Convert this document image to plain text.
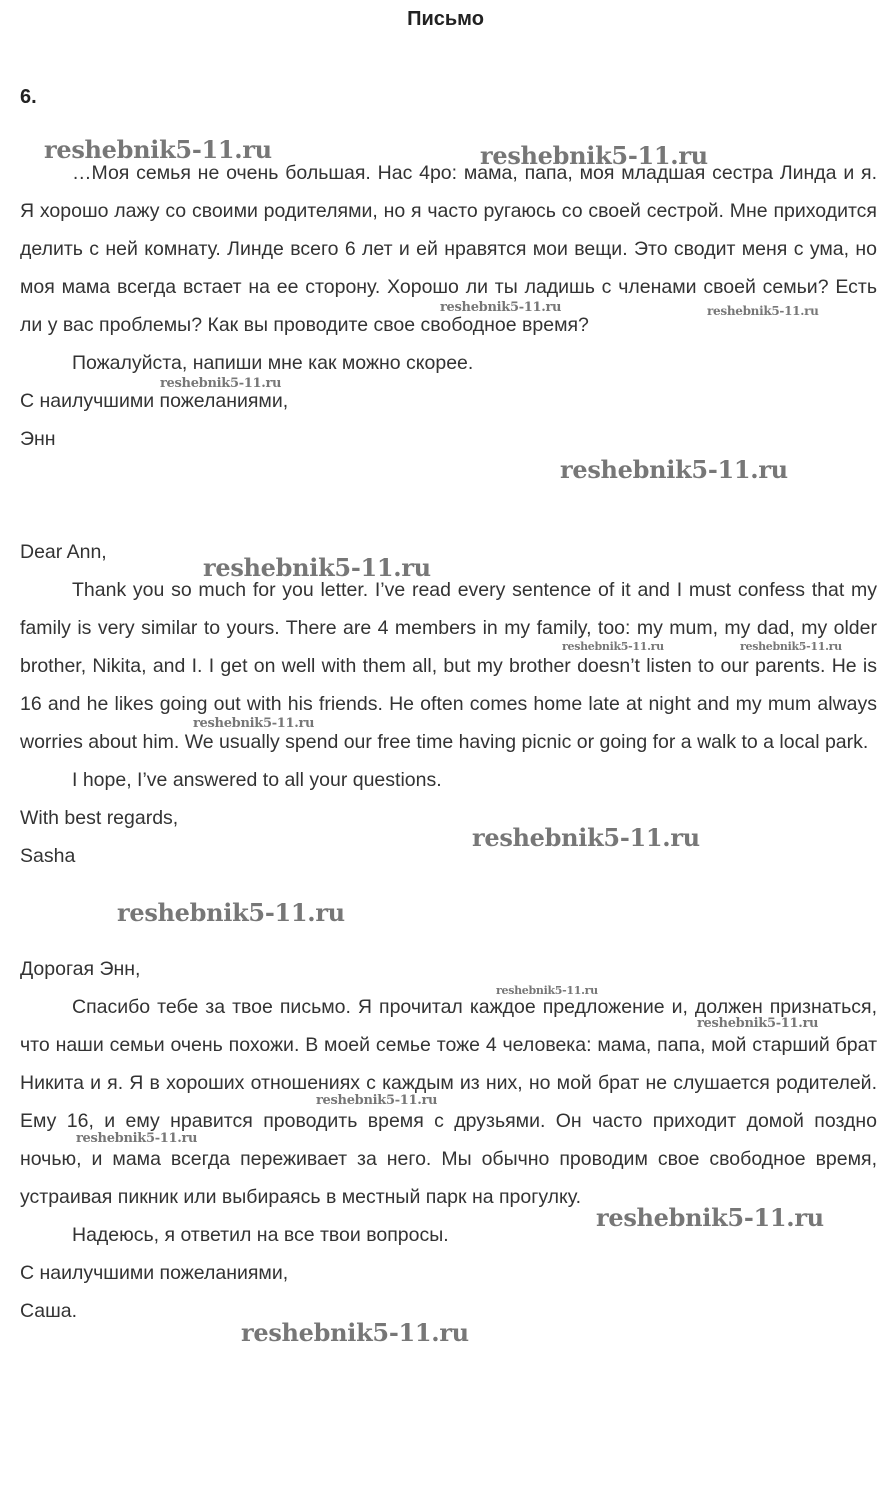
Письмо
6.

…Моя семья не очень большая. Нас 4ро: мама, папа, моя младшая сестра Линда и я. Я хорошо лажу со своими родителями, но я часто ругаюсь со своей сестрой. Мне приходится делить с ней комнату. Линде всего 6 лет и ей нравятся мои вещи. Это сводит меня с ума, но моя мама всегда встает на ее сторону. Хорошо ли ты ладишь с членами своей семьи? Есть ли у вас проблемы? Как вы проводите свое свободное время?

Пожалуйста, напиши мне как можно скорее.

С наилучшими пожеланиями,

Энн

Dear Ann,

Thank you so much for you letter. I’ve read every sentence of it and I must confess that my family is very similar to yours. There are 4 members in my family, too: my mum, my dad, my older brother, Nikita, and I. I get on well with them all, but my brother doesn’t listen to our parents. He is 16 and he likes going out with his friends. He often comes home late at night and my mum always worries about him. We usually spend our free time having picnic or going for a walk to a local park.

I hope, I’ve answered to all your questions.

With best regards,

Sasha

Дорогая Энн,

Спасибо тебе за твое письмо. Я прочитал каждое предложение и, должен признаться, что наши семьи очень похожи. В моей семье тоже 4 человека: мама, папа, мой старший брат Никита и я. Я в хороших отношениях с каждым из них, но мой брат не слушается родителей. Ему 16, и ему нравится проводить время с друзьями. Он часто приходит домой поздно ночью, и мама всегда переживает за него. Мы обычно проводим свое свободное время, устраивая пикник или выбираясь в местный парк на прогулку.

Надеюсь, я ответил на все твои вопросы.

С наилучшими пожеланиями,

Саша.

reshebnik5-11.ru	reshebnik5-11.ru
reshebnik5-11.ru	reshebnik5-11.ru
reshebnik5-11.ru
reshebnik5-11.ru
reshebnik5-11.ru
reshebnik5-11.ru	reshebnik5-11.ru
reshebnik5-11.ru
reshebnik5-11.ru
reshebnik5-11.ru
reshebnik5-11.ru
reshebnik5-11.ru
reshebnik5-11.ru
reshebnik5-11.ru
reshebnik5-11.ru
reshebnik5-11.ru
